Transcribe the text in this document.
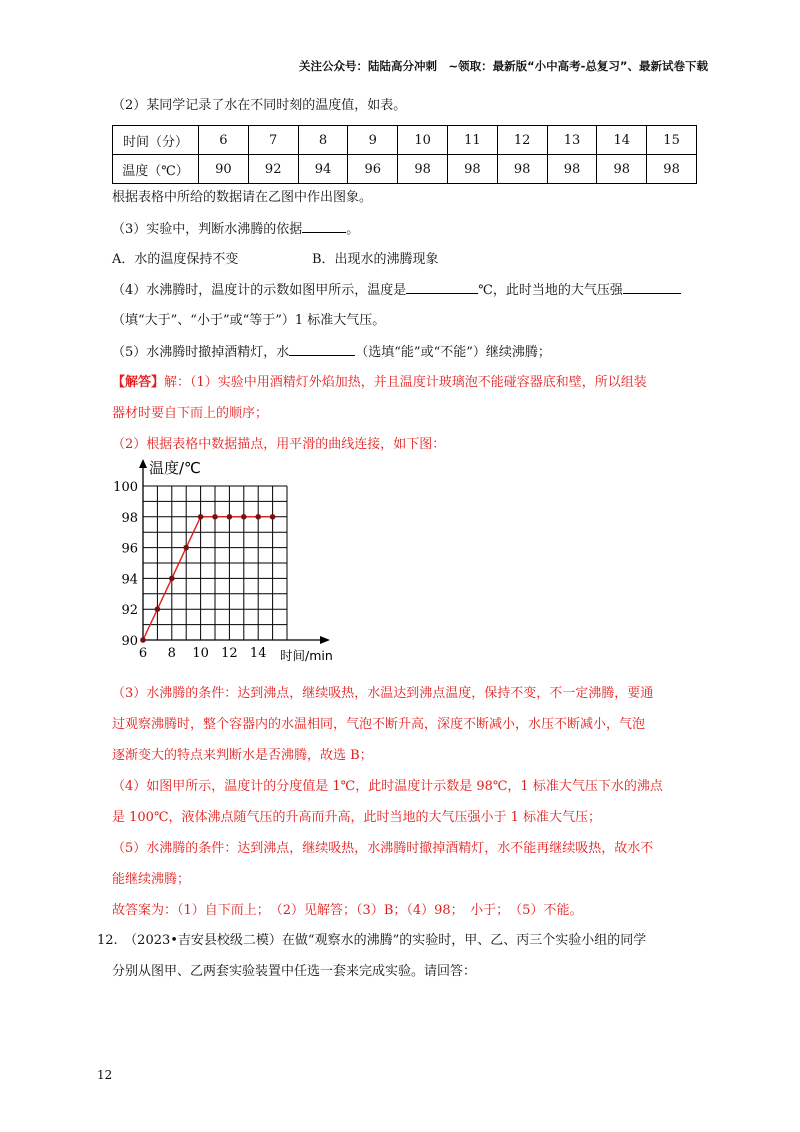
关注公众号：陆陆高分冲刺　~领取：最新版“小中高考-总复习”、最新试卷下载
（2）某同学记录了水在不同时刻的温度值，如表。
时间（分）	6	7	8	9	10	11	12	13	14	15
温度（℃）	90	92	94	96	98	98	98	98	98	98
根据表格中所给的数据请在乙图中作出图象。
（3）实验中，判断水沸腾的依据	。
A．水的温度保持不变	B．出现水的沸腾现象
（4）水沸腾时，温度计的示数如图甲所示，温度是	℃，此时当地的大气压强
（填“大于”、“小于”或“等于”）1 标准大气压。
（5）水沸腾时撤掉酒精灯，水	（选填“能”或“不能”）继续沸腾；
【解答】解：（1）实验中用酒精灯外焰加热，并且温度计玻璃泡不能碰容器底和壁，所以组装
器材时要自下而上的顺序；
（2）根据表格中数据描点，用平滑的曲线连接，如下图：
100
98
96
94
92
90
6 8 10 12 14
温度/℃
时间/min
（3）水沸腾的条件：达到沸点，继续吸热，水温达到沸点温度，保持不变，不一定沸腾，要通
过观察沸腾时，整个容器内的水温相同，气泡不断升高，深度不断减小，水压不断减小，气泡
逐渐变大的特点来判断水是否沸腾，故选 B；
（4）如图甲所示，温度计的分度值是 1℃，此时温度计示数是 98℃，1 标准大气压下水的沸点
是 100℃，液体沸点随气压的升高而升高，此时当地的大气压强小于 1 标准大气压；
（5）水沸腾的条件：达到沸点，继续吸热，水沸腾时撤掉酒精灯，水不能再继续吸热，故水不
能继续沸腾；
故答案为：（1）自下而上；　（2）见解答；（3）B；（4）98；　小于；　（5）不能。
12.　（2023•吉安县校级二模）在做“观察水的沸腾”的实验时，甲、乙、丙三个实验小组的同学
分别从图甲、乙两套实验装置中任选一套来完成实验。请回答：
12
